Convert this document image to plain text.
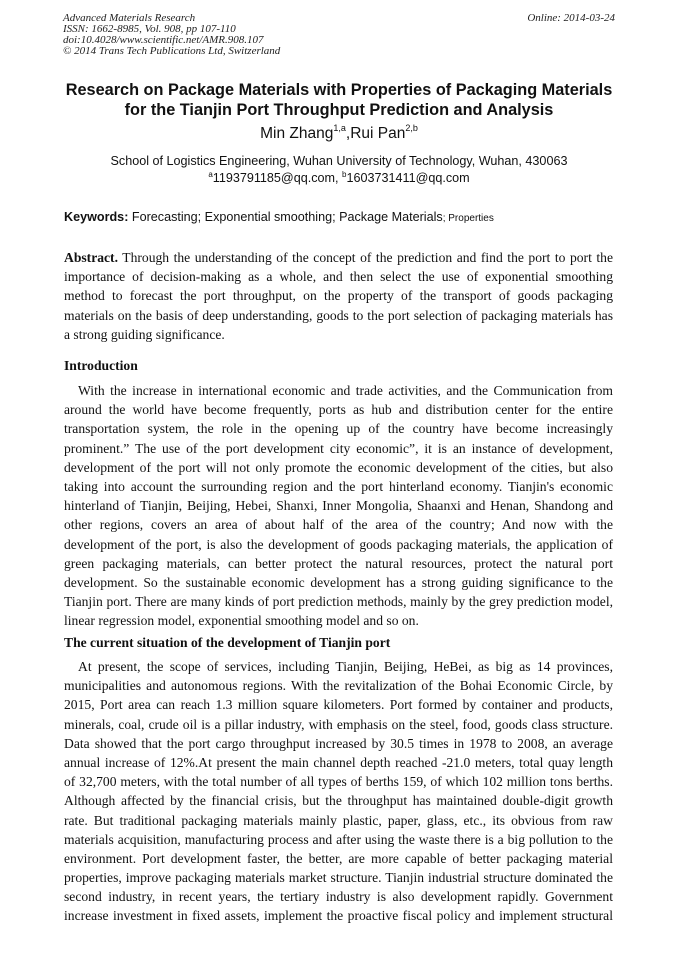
Advanced Materials Research
ISSN: 1662-8985, Vol. 908, pp 107-110
doi:10.4028/www.scientific.net/AMR.908.107
© 2014 Trans Tech Publications Ltd, Switzerland
Online: 2014-03-24
Research on Package Materials with Properties of Packaging Materials
for the Tianjin Port Throughput Prediction and Analysis
Min Zhang$^{1,a}$,Rui Pan$^{2,b}$
School of Logistics Engineering, Wuhan University of Technology, Wuhan, 430063
$^a$1193791185@qq.com, $^b$1603731411@qq.com
Keywords: Forecasting; Exponential smoothing; Package Materials; Properties
Abstract. Through the understanding of the concept of the prediction and find the port to port the
importance of decision-making as a whole, and then select the use of exponential smoothing
method to forecast the port throughput, on the property of the transport of goods packaging
materials on the basis of deep understanding, goods to the port selection of packaging materials has
a strong guiding significance.
Introduction
With the increase in international economic and trade activities, and the Communication from
around the world have become frequently, ports as hub and distribution center for the entire
transportation system, the role in the opening up of the country have become increasingly
prominent.” The use of the port development city economic”, it is an instance of development,
development of the port will not only promote the economic development of the cities, but also
taking into account the surrounding region and the port hinterland economy. Tianjin's economic
hinterland of Tianjin, Beijing, Hebei, Shanxi, Inner Mongolia, Shaanxi and Henan, Shandong and
other regions, covers an area of about half of the area of the country; And now with the
development of the port, is also the development of goods packaging materials, the application of
green packaging materials, can better protect the natural resources, protect the natural port
development. So the sustainable economic development has a strong guiding significance to the
Tianjin port. There are many kinds of port prediction methods, mainly by the grey prediction model,
linear regression model, exponential smoothing model and so on.
The current situation of the development of Tianjin port
At present, the scope of services, including Tianjin, Beijing, HeBei, as big as 14 provinces,
municipalities and autonomous regions. With the revitalization of the Bohai Economic Circle, by
2015, Port area can reach 1.3 million square kilometers. Port formed by container and products,
minerals, coal, crude oil is a pillar industry, with emphasis on the steel, food, goods class structure.
Data showed that the port cargo throughput increased by 30.5 times in 1978 to 2008, an average
annual increase of 12%.At present the main channel depth reached -21.0 meters, total quay length
of 32,700 meters, with the total number of all types of berths 159, of which 102 million tons berths.
Although affected by the financial crisis, but the throughput has maintained double-digit growth
rate. But traditional packaging materials mainly plastic, paper, glass, etc., its obvious from raw
materials acquisition, manufacturing process and after using the waste there is a big pollution to the
environment. Port development faster, the better, are more capable of better packaging material
properties, improve packaging materials market structure. Tianjin industrial structure dominated the
second industry, in recent years, the tertiary industry is also development rapidly. Government
increase investment in fixed assets, implement the proactive fiscal policy and implement structural
